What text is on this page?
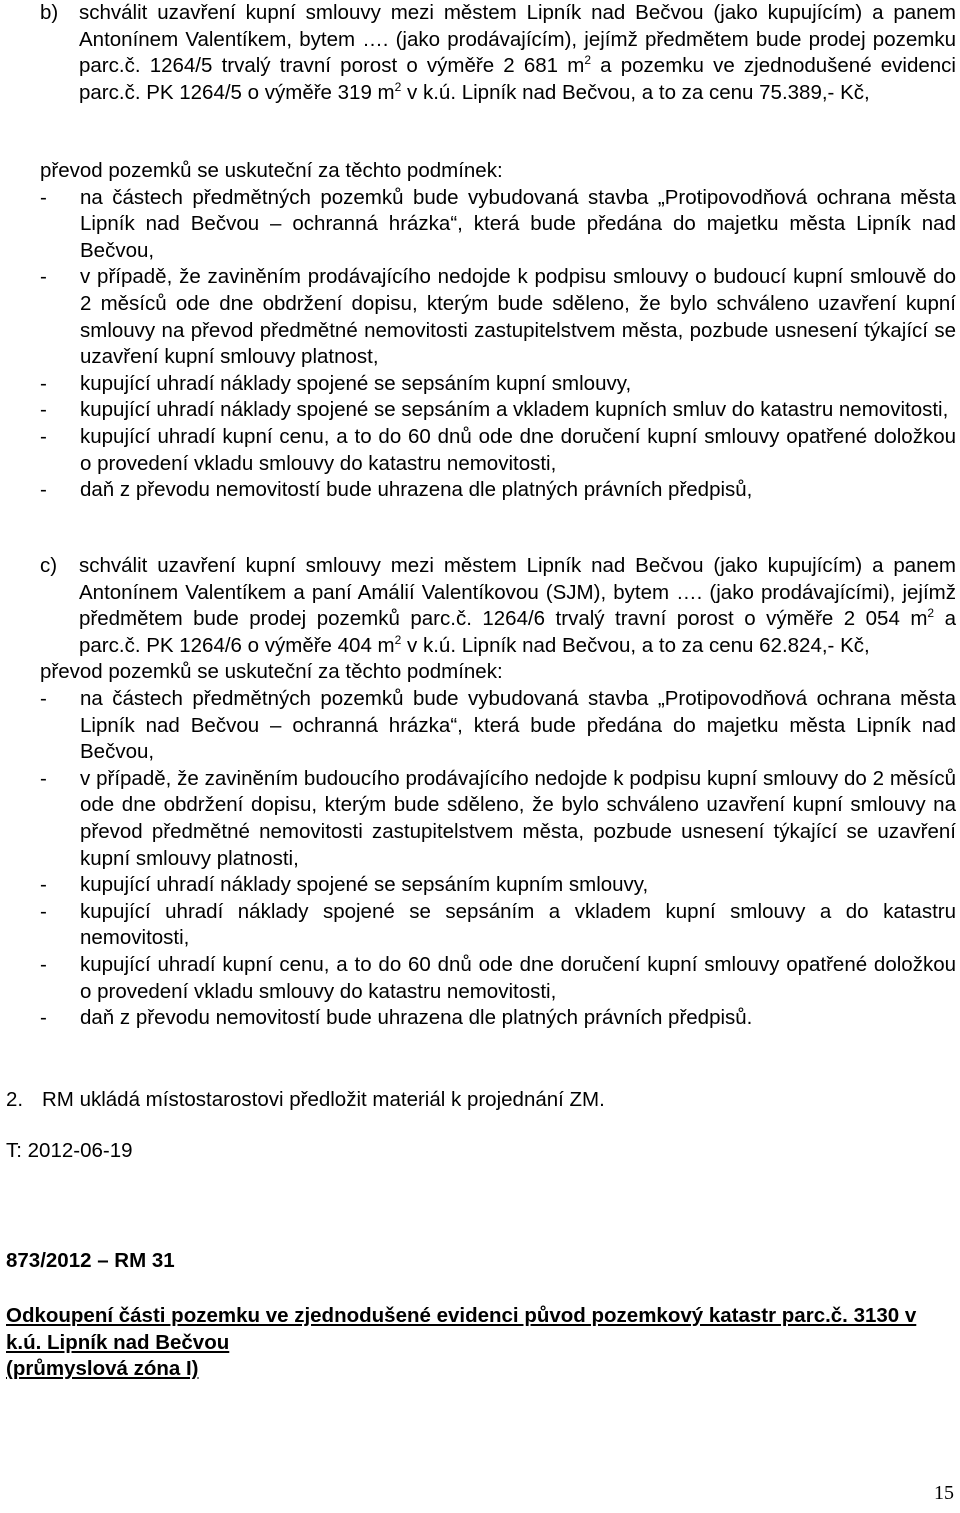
b)	schválit uzavření kupní smlouvy mezi městem Lipník nad Bečvou (jako kupujícím) a panem Antonínem Valentíkem, bytem …. (jako prodávajícím), jejímž předmětem bude prodej pozemku parc.č. 1264/5 trvalý travní porost o výměře 2 681 $m^2$ a pozemku ve zjednodušené evidenci parc.č. PK 1264/5 o výměře 319 $m^2$ v k.ú. Lipník nad Bečvou, a to za cenu 75.389,- Kč,
převod pozemků se uskuteční za těchto podmínek:
-	na částech předmětných pozemků bude vybudovaná stavba „Protipovodňová ochrana města Lipník nad Bečvou – ochranná hrázka“, která bude předána do majetku města Lipník nad Bečvou,
-	v případě, že zaviněním prodávajícího nedojde k podpisu smlouvy o budoucí kupní smlouvě do 2 měsíců ode dne obdržení dopisu, kterým bude sděleno, že bylo schváleno uzavření kupní smlouvy na převod předmětné nemovitosti zastupitelstvem města, pozbude usnesení týkající se uzavření kupní smlouvy platnost,
-	kupující uhradí náklady spojené se sepsáním kupní smlouvy,
-	kupující uhradí náklady spojené se sepsáním a vkladem kupních smluv do katastru nemovitosti,
-	kupující uhradí kupní cenu, a to do 60 dnů ode dne doručení kupní smlouvy opatřené doložkou o provedení vkladu smlouvy do katastru nemovitosti,
-	daň z převodu nemovitostí bude uhrazena dle platných právních předpisů,
c)	schválit uzavření kupní smlouvy mezi městem Lipník nad Bečvou (jako kupujícím) a panem Antonínem Valentíkem a paní Amálií Valentíkovou (SJM), bytem …. (jako prodávajícími), jejímž předmětem bude prodej pozemků parc.č. 1264/6 trvalý travní porost o výměře 2 054 $m^2$ a parc.č. PK 1264/6 o výměře 404 $m^2$ v k.ú. Lipník nad Bečvou, a to za cenu 62.824,- Kč,
převod pozemků se uskuteční za těchto podmínek:
-	na částech předmětných pozemků bude vybudovaná stavba „Protipovodňová ochrana města Lipník nad Bečvou – ochranná hrázka“, která bude předána do majetku města Lipník nad Bečvou,
-	v případě, že zaviněním budoucího prodávajícího nedojde k podpisu kupní smlouvy do 2 měsíců ode dne obdržení dopisu, kterým bude sděleno, že bylo schváleno uzavření kupní smlouvy na převod předmětné nemovitosti zastupitelstvem města, pozbude usnesení týkající se uzavření kupní smlouvy platnosti,
-	kupující uhradí náklady spojené se sepsáním kupním smlouvy,
-	kupující uhradí náklady spojené se sepsáním a vkladem kupní smlouvy a do katastru nemovitosti,
-	kupující uhradí kupní cenu, a to do 60 dnů ode dne doručení kupní smlouvy opatřené doložkou o provedení vkladu smlouvy do katastru nemovitosti,
-	daň z převodu nemovitostí bude uhrazena dle platných právních předpisů.
2. RM ukládá místostarostovi předložit materiál k projednání ZM.
T: 2012-06-19
873/2012 – RM 31
Odkoupení části pozemku ve zjednodušené evidenci původ pozemkový katastr parc.č. 3130 v k.ú. Lipník nad Bečvou
(průmyslová zóna I)
15
